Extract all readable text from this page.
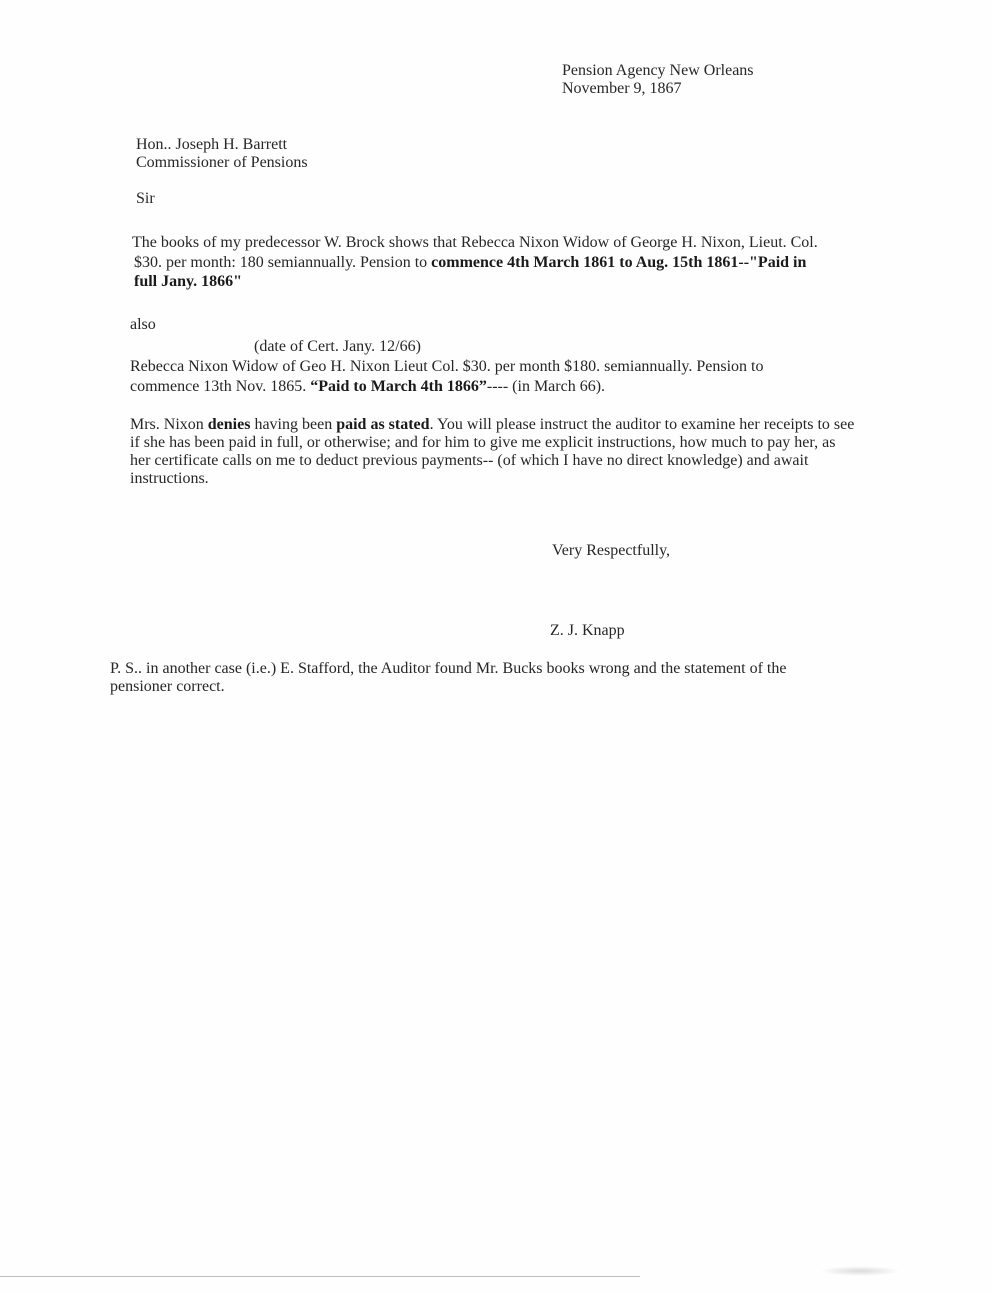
Pension Agency New Orleans
November 9, 1867
Hon.. Joseph H. Barrett
Commissioner of Pensions
Sir
The books of my predecessor W. Brock shows that Rebecca Nixon Widow of George H. Nixon, Lieut. Col.
$30. per month: 180 semiannually. Pension to commence 4th March 1861 to Aug. 15th 1861--"Paid in
full Jany. 1866"
also
(date of Cert. Jany. 12/66)
Rebecca Nixon Widow of Geo H. Nixon Lieut Col. $30. per month $180. semiannually. Pension to
commence 13th Nov. 1865. “Paid to March 4th 1866”---- (in March 66).
Mrs. Nixon denies having been paid as stated. You will please instruct the auditor to examine her receipts to see if she has been paid in full, or otherwise; and for him to give me explicit instructions, how much to pay her, as her certificate calls on me to deduct previous payments-- (of which I have no direct knowledge) and await instructions.
Very Respectfully,
Z. J. Knapp
P. S.. in another case (i.e.) E. Stafford, the Auditor found Mr. Bucks books wrong and the statement of the pensioner correct.
